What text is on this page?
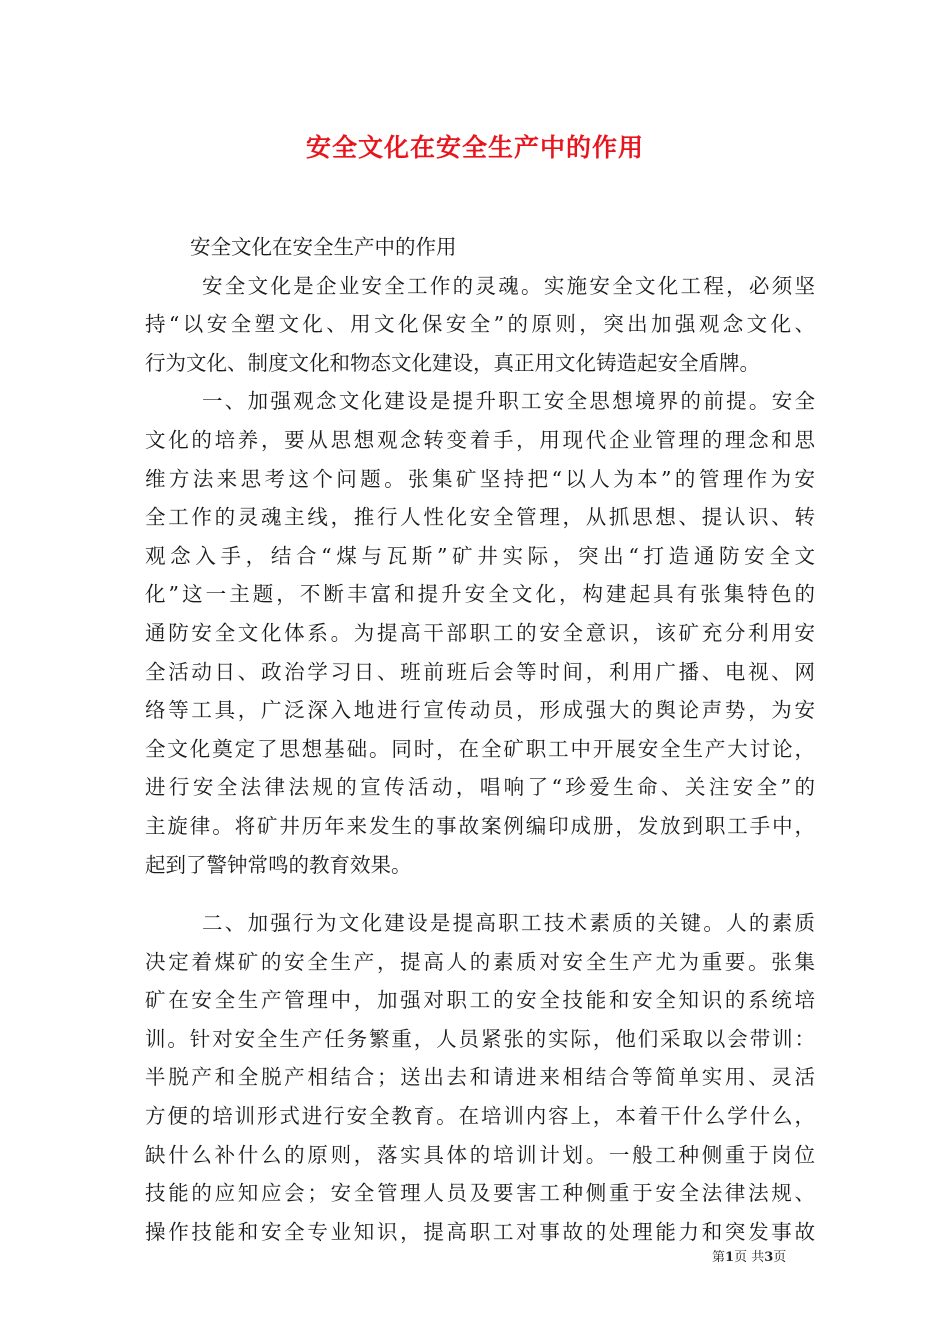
安全文化在安全生产中的作用
安全文化在安全生产中的作用
安全文化是企业安全工作的灵魂。实施安全文化工程，必须坚
持“以安全塑文化、用文化保安全”的原则，突出加强观念文化、
行为文化、制度文化和物态文化建设，真正用文化铸造起安全盾牌。
一、加强观念文化建设是提升职工安全思想境界的前提。安全
文化的培养，要从思想观念转变着手，用现代企业管理的理念和思
维方法来思考这个问题。张集矿坚持把“以人为本”的管理作为安
全工作的灵魂主线，推行人性化安全管理，从抓思想、提认识、转
观念入手，结合“煤与瓦斯”矿井实际，突出“打造通防安全文
化”这一主题，不断丰富和提升安全文化，构建起具有张集特色的
通防安全文化体系。为提高干部职工的安全意识，该矿充分利用安
全活动日、政治学习日、班前班后会等时间，利用广播、电视、网
络等工具，广泛深入地进行宣传动员，形成强大的舆论声势，为安
全文化奠定了思想基础。同时，在全矿职工中开展安全生产大讨论，
进行安全法律法规的宣传活动，唱响了“珍爱生命、关注安全”的
主旋律。将矿井历年来发生的事故案例编印成册，发放到职工手中，
起到了警钟常鸣的教育效果。
二、加强行为文化建设是提高职工技术素质的关键。人的素质
决定着煤矿的安全生产，提高人的素质对安全生产尤为重要。张集
矿在安全生产管理中，加强对职工的安全技能和安全知识的系统培
训。针对安全生产任务繁重，人员紧张的实际，他们采取以会带训：
半脱产和全脱产相结合；送出去和请进来相结合等简单实用、灵活
方便的培训形式进行安全教育。在培训内容上，本着干什么学什么，
缺什么补什么的原则，落实具体的培训计划。一般工种侧重于岗位
技能的应知应会；安全管理人员及要害工种侧重于安全法律法规、
操作技能和安全专业知识，提高职工对事故的处理能力和突发事故
第1页 共3页
